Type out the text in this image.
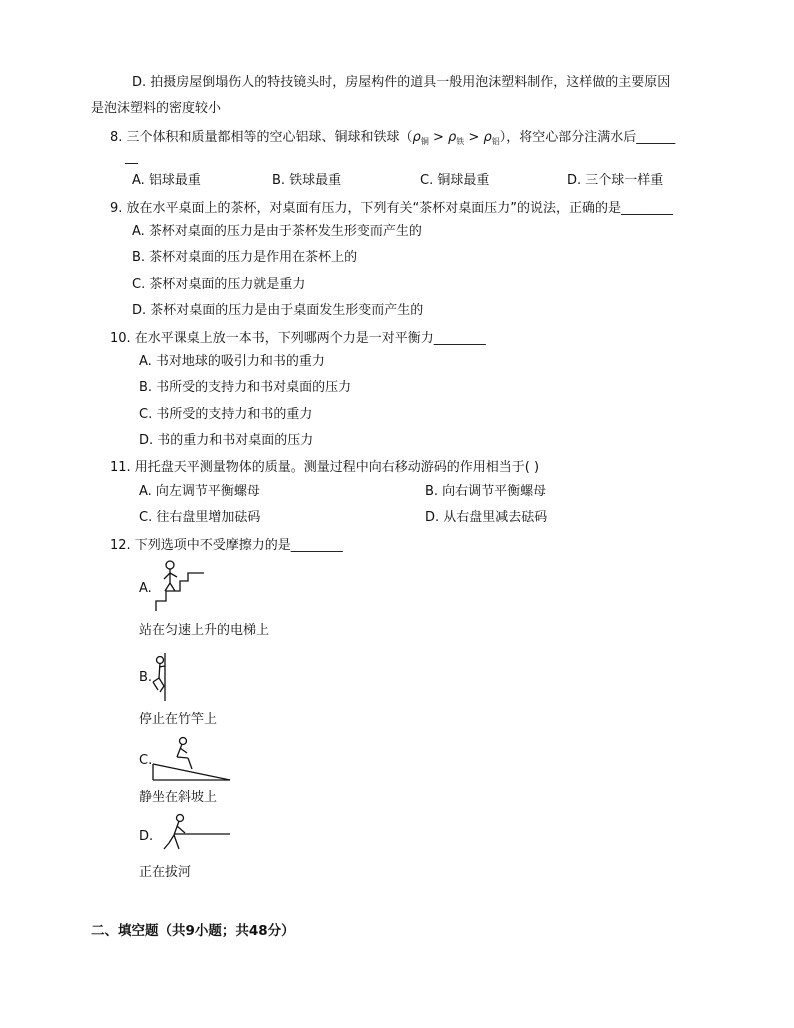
D. 拍摄房屋倒塌伤人的特技镜头时，房屋构件的道具一般用泡沫塑料制作，这样做的主要原因
是泡沫塑料的密度较小
8. 三个体积和质量都相等的空心铝球、铜球和铁球$(\rho_铜 > \rho_铁 > \rho_铝)$，将空心部分注满水后______
__
A. 铝球最重	B. 铁球最重	C. 铜球最重	D. 三个球一样重
9. 放在水平桌面上的茶杯，对桌面有压力，下列有关“茶杯对桌面压力”的说法，正确的是________
A. 茶杯对桌面的压力是由于茶杯发生形变而产生的
B. 茶杯对桌面的压力是作用在茶杯上的
C. 茶杯对桌面的压力就是重力
D. 茶杯对桌面的压力是由于桌面发生形变而产生的
10. 在水平课桌上放一本书，下列哪两个力是一对平衡力________
A. 书对地球的吸引力和书的重力
B. 书所受的支持力和书对桌面的压力
C. 书所受的支持力和书的重力
D. 书的重力和书对桌面的压力
11. 用托盘天平测量物体的质量。测量过程中向右移动游码的作用相当于( )
A. 向左调节平衡螺母	B. 向右调节平衡螺母
C. 往右盘里增加砝码	D. 从右盘里减去砝码
12. 下列选项中不受摩擦力的是________
A.
站在匀速上升的电梯上
B.
停止在竹竿上
C.
静坐在斜坡上
D.
正在拔河
二、填空题（共9小题；共48分）
